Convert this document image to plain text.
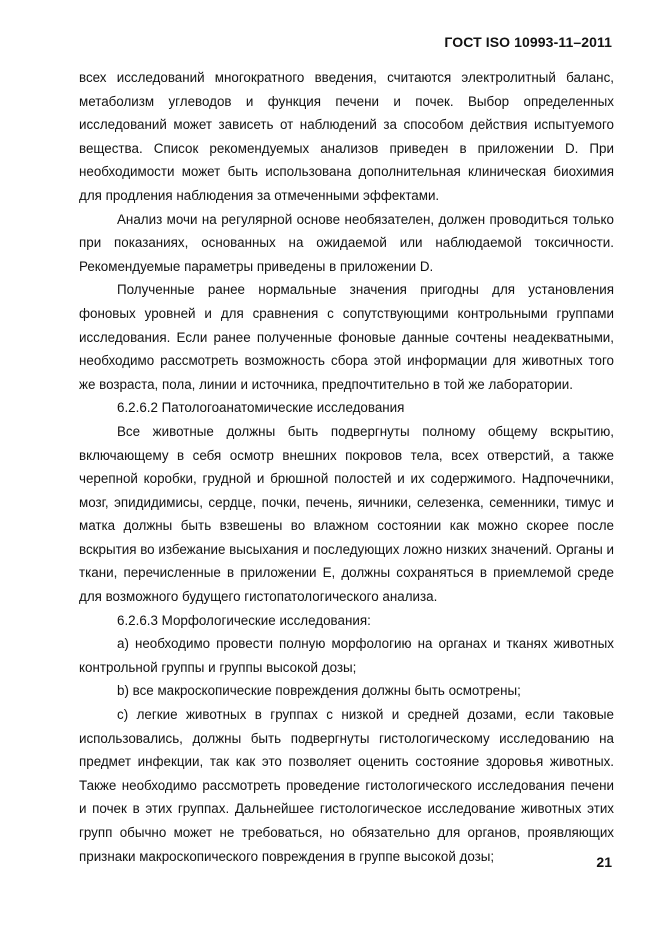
ГОСТ ISO 10993-11–2011

всех исследований многократного введения, считаются электролитный баланс, метаболизм углеводов и функция печени и почек. Выбор определенных исследований может зависеть от наблюдений за способом действия испытуемого вещества. Список рекомендуемых анализов приведен в приложении D. При необходимости может быть использована дополнительная клиническая биохимия для продления наблюдения за отмеченными эффектами.

Анализ мочи на регулярной основе необязателен, должен проводиться только при показаниях, основанных на ожидаемой или наблюдаемой токсичности. Рекомендуемые параметры приведены в приложении D.

Полученные ранее нормальные значения пригодны для установления фоновых уровней и для сравнения с сопутствующими контрольными группами исследования. Если ранее полученные фоновые данные сочтены неадекватными, необходимо рассмотреть возможность сбора этой информации для животных того же возраста, пола, линии и источника, предпочтительно в той же лаборатории.

6.2.6.2 Патологоанатомические исследования

Все животные должны быть подвергнуты полному общему вскрытию, включающему в себя осмотр внешних покровов тела, всех отверстий, а также черепной коробки, грудной и брюшной полостей и их содержимого. Надпочечники, мозг, эпидидимисы, сердце, почки, печень, яичники, селезенка, семенники, тимус и матка должны быть взвешены во влажном состоянии как можно скорее после вскрытия во избежание высыхания и последующих ложно низких значений. Органы и ткани, перечисленные в приложении Е, должны сохраняться в приемлемой среде для возможного будущего гистопатологического анализа.

6.2.6.3 Морфологические исследования:

a) необходимо провести полную морфологию на органах и тканях животных контрольной группы и группы высокой дозы;

b) все макроскопические повреждения должны быть осмотрены;

c) легкие животных в группах с низкой и средней дозами, если таковые использовались, должны быть подвергнуты гистологическому исследованию на предмет инфекции, так как это позволяет оценить состояние здоровья животных. Также необходимо рассмотреть проведение гистологического исследования печени и почек в этих группах. Дальнейшее гистологическое исследование животных этих групп обычно может не требоваться, но обязательно для органов, проявляющих признаки макроскопического повреждения в группе высокой дозы;	21
